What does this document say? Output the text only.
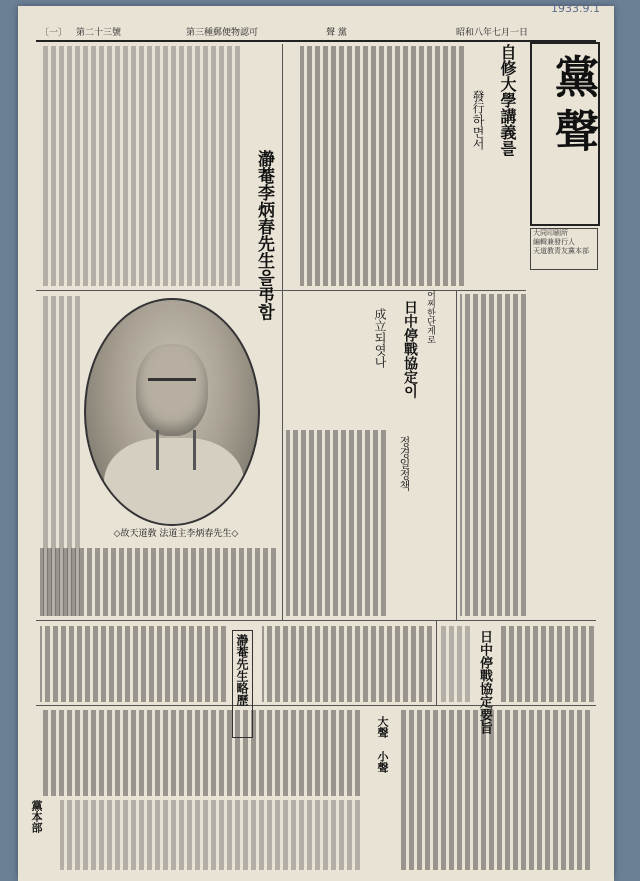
1933.9.1
〔一〕 第二十三號	第三種郵便物認可	聲 黨	昭和八年七月一日
黨聲
大同印刷所
編輯兼發行人
天道教青友黨本部
自修大學講義를
發行하면서
日中停戰協定이
成立되엿나	어찌한단게로
瀞菴李炳春先生을弔함
日中停戰協定要旨
정경일정책
瀞菴先生略歷
大聲 小聲
黨本部
◇故天道敎 法道主李炳春先生◇
